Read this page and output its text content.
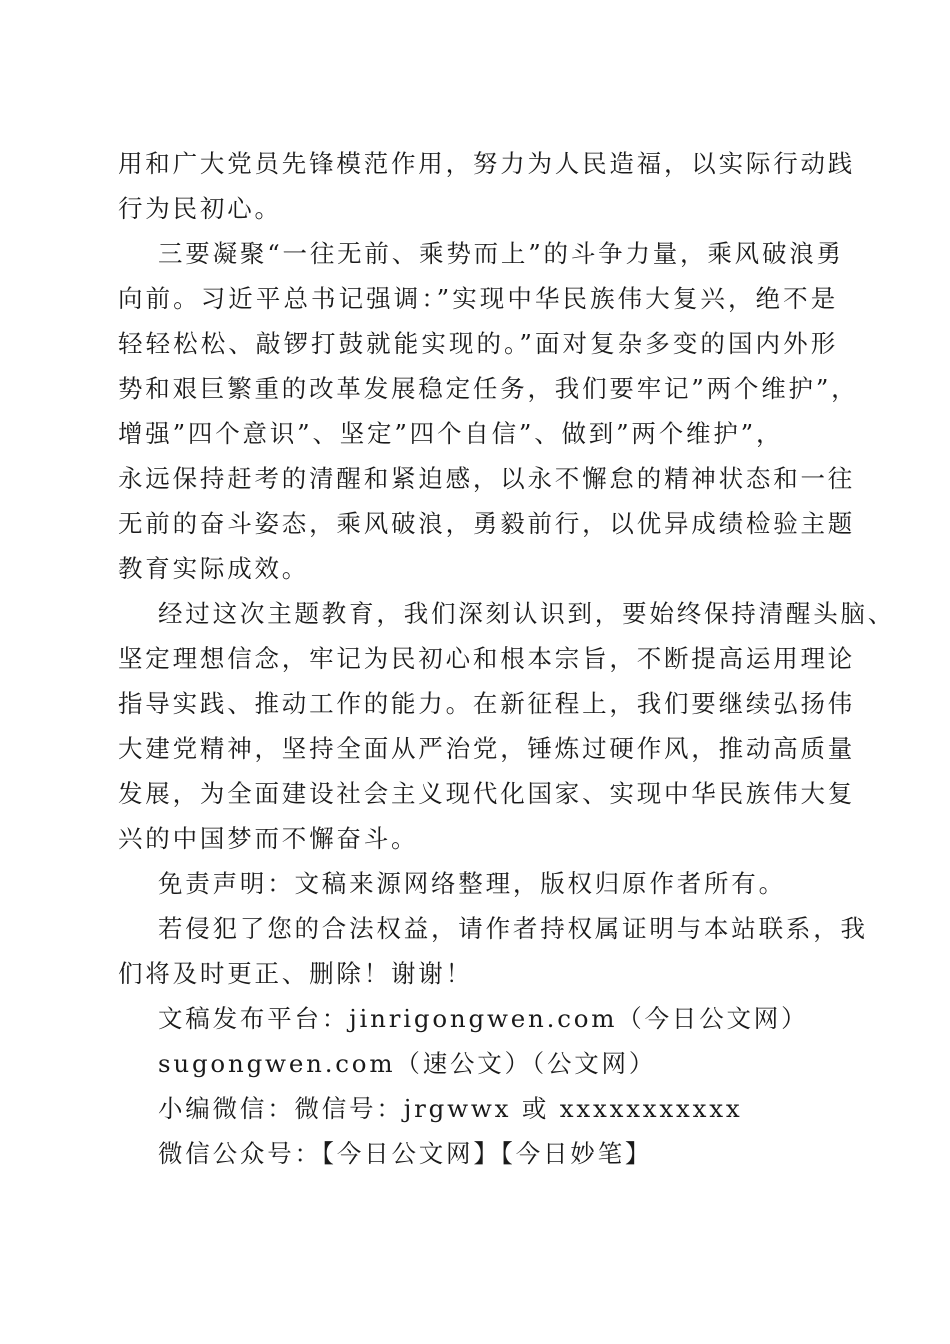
用和广大党员先锋模范作用，努力为人民造福，以实际行动践
行为民初心。
三要凝聚“一往无前、乘势而上”的斗争力量，乘风破浪勇
向前。习近平总书记强调：”实现中华民族伟大复兴，绝不是
轻轻松松、敲锣打鼓就能实现的。”面对复杂多变的国内外形
势和艰巨繁重的改革发展稳定任务，我们要牢记”两个维护”，
增强”四个意识”、坚定”四个自信”、做到”两个维护”，
永远保持赶考的清醒和紧迫感，以永不懈怠的精神状态和一往
无前的奋斗姿态，乘风破浪，勇毅前行，以优异成绩检验主题
教育实际成效。
经过这次主题教育，我们深刻认识到，要始终保持清醒头脑、
坚定理想信念，牢记为民初心和根本宗旨，不断提高运用理论
指导实践、推动工作的能力。在新征程上，我们要继续弘扬伟
大建党精神，坚持全面从严治党，锤炼过硬作风，推动高质量
发展，为全面建设社会主义现代化国家、实现中华民族伟大复
兴的中国梦而不懈奋斗。
免责声明：文稿来源网络整理，版权归原作者所有。
若侵犯了您的合法权益，请作者持权属证明与本站联系，我
们将及时更正、删除！谢谢！
文稿发布平台：jinrigongwen.com（今日公文网）
sugongwen.com（速公文）（公文网）
小编微信：微信号：jrgwwx 或 xxxxxxxxxxx
微信公众号：【今日公文网】【今日妙笔】
